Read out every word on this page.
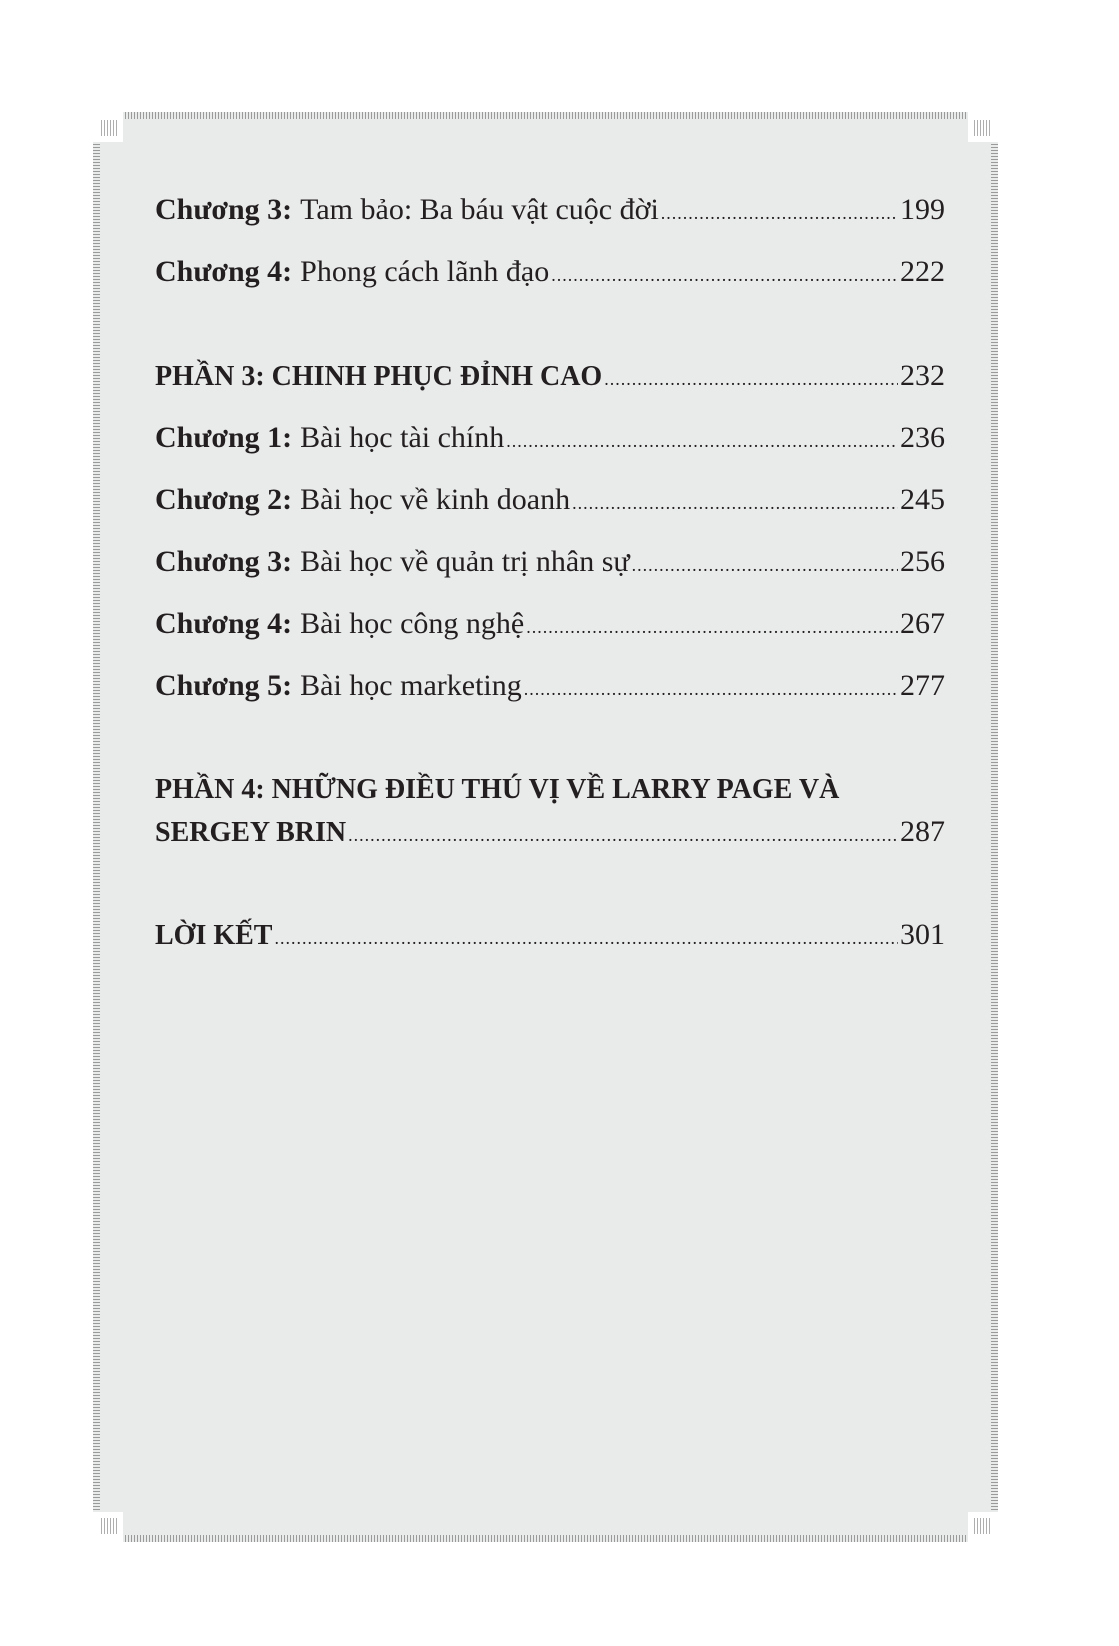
Chương 3: Tam bảo: Ba báu vật cuộc đời .....	199
Chương 4: Phong cách lãnh đạo .....	222
PHẦN 3: CHINH PHỤC ĐỈNH CAO .....	232
Chương 1: Bài học tài chính .....	236
Chương 2: Bài học về kinh doanh .....	245
Chương 3: Bài học về quản trị nhân sự .....	256
Chương 4: Bài học công nghệ .....	267
Chương 5: Bài học marketing .....	277
PHẦN 4: NHỮNG ĐIỀU THÚ VỊ VỀ LARRY PAGE VÀ
SERGEY BRIN .....	287
LỜI KẾT .....	301
